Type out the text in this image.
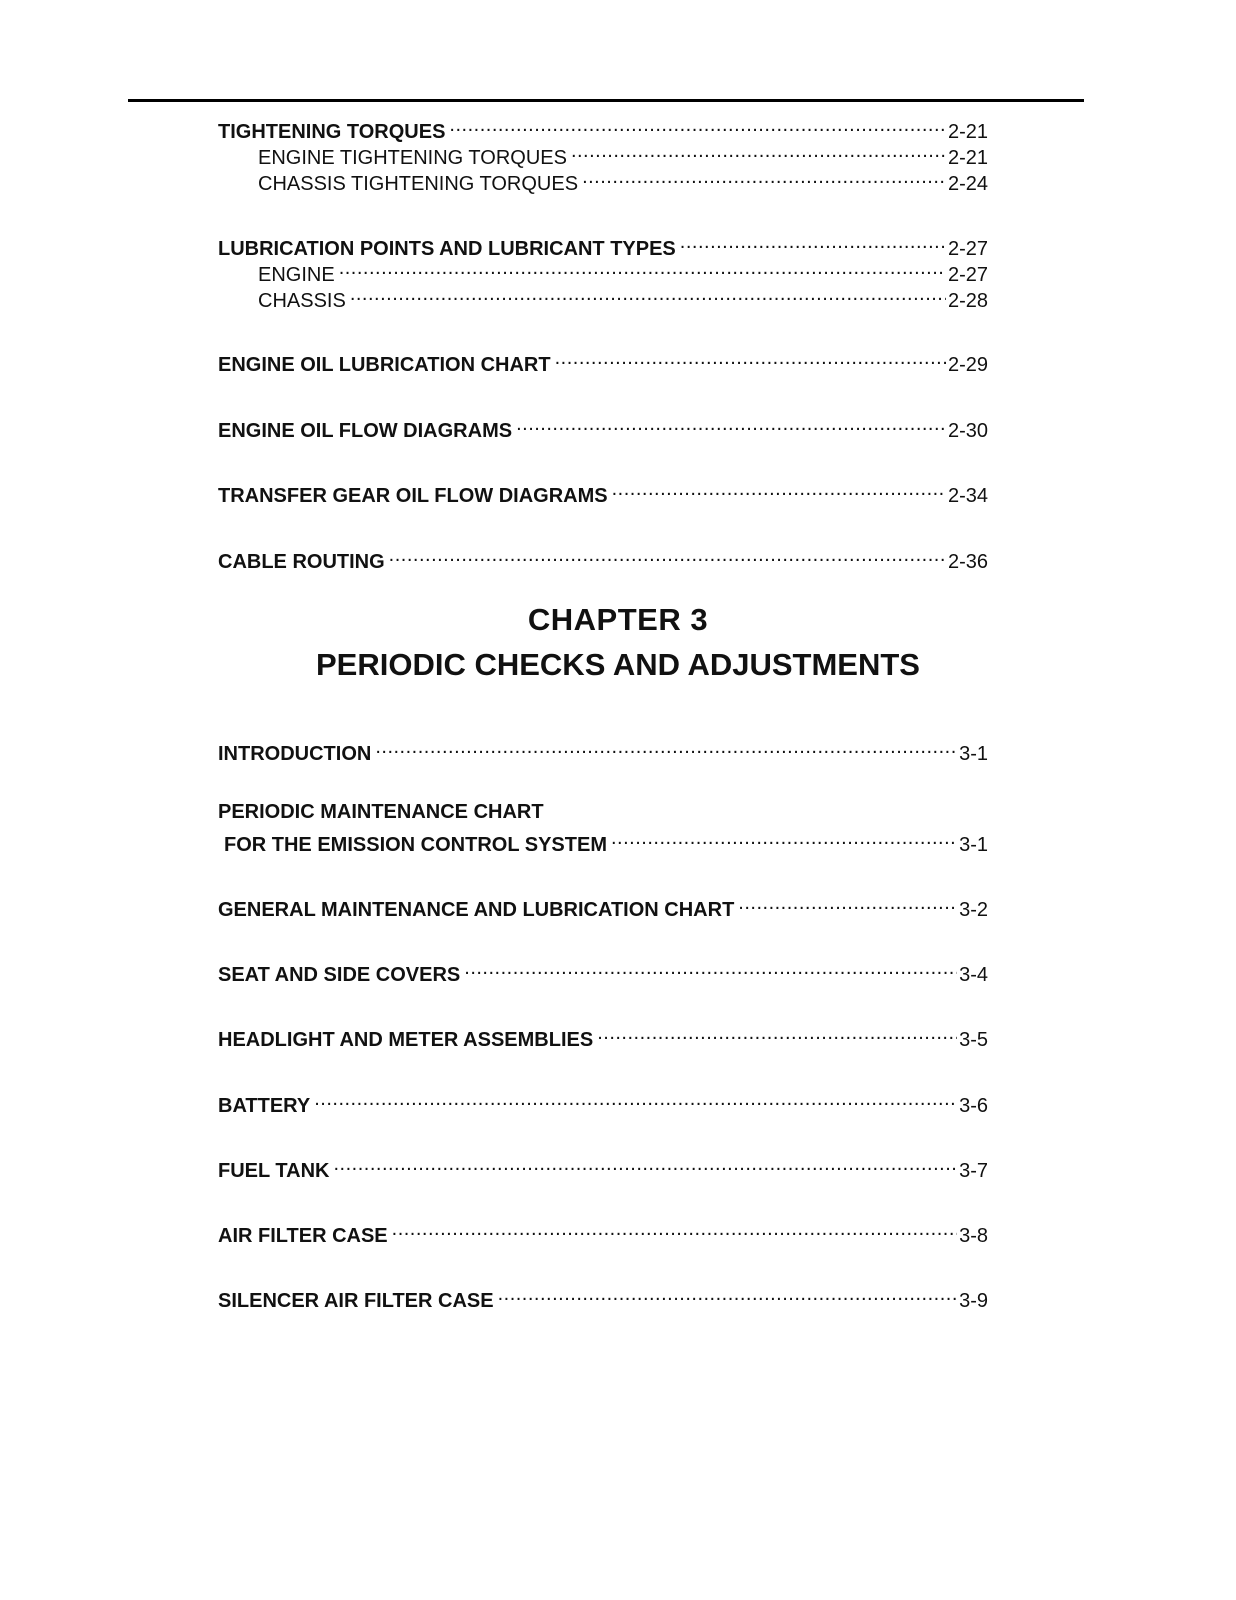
TIGHTENING TORQUES .....	2-21
ENGINE TIGHTENING TORQUES .....	2-21
CHASSIS TIGHTENING TORQUES .....	2-24
LUBRICATION POINTS AND LUBRICANT TYPES .....	2-27
ENGINE .....	2-27
CHASSIS .....	2-28
ENGINE OIL LUBRICATION CHART .....	2-29
ENGINE OIL FLOW DIAGRAMS .....	2-30
TRANSFER GEAR OIL FLOW DIAGRAMS .....	2-34
CABLE ROUTING .....	2-36
CHAPTER 3
PERIODIC CHECKS AND ADJUSTMENTS
INTRODUCTION .....	3-1
PERIODIC MAINTENANCE CHART
FOR THE EMISSION CONTROL SYSTEM .....	3-1
GENERAL MAINTENANCE AND LUBRICATION CHART .....	3-2
SEAT AND SIDE COVERS .....	3-4
HEADLIGHT AND METER ASSEMBLIES .....	3-5
BATTERY .....	3-6
FUEL TANK .....	3-7
AIR FILTER CASE .....	3-8
SILENCER AIR FILTER CASE .....	3-9
